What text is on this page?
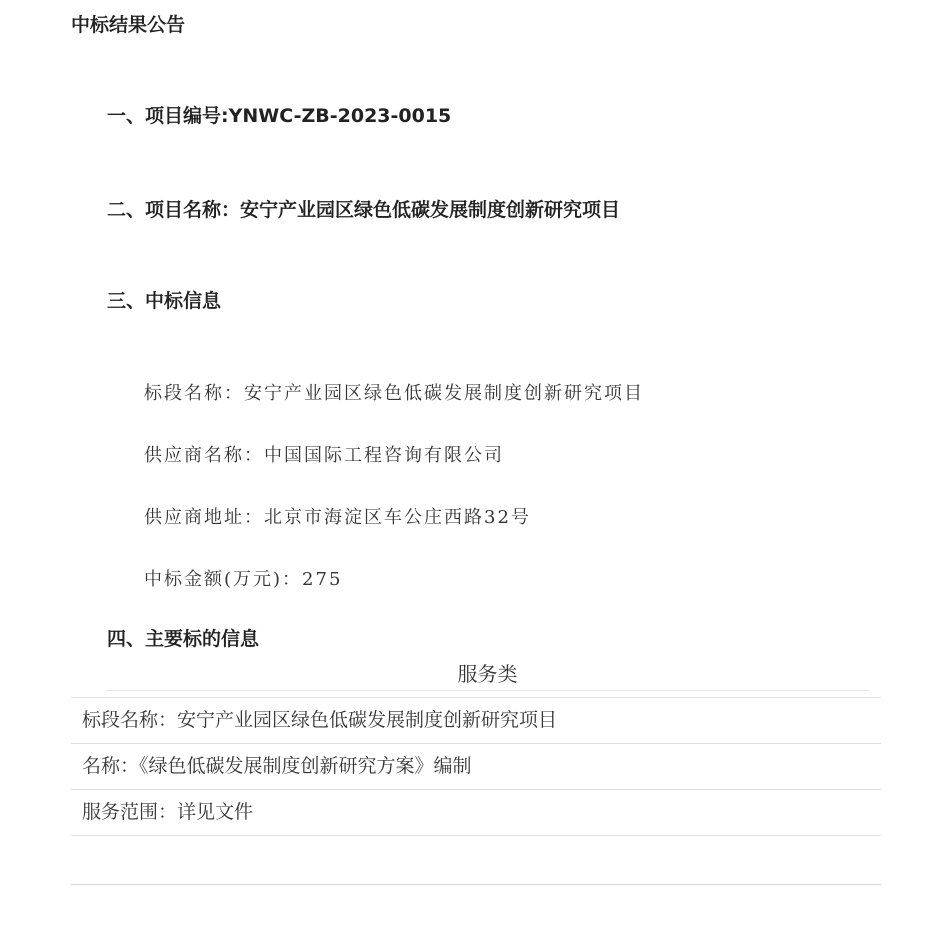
中标结果公告
一、项目编号:YNWC-ZB-2023-0015
二、项目名称：安宁产业园区绿色低碳发展制度创新研究项目
三、中标信息

标段名称：安宁产业园区绿色低碳发展制度创新研究项目

供应商名称：中国国际工程咨询有限公司

供应商地址：北京市海淀区车公庄西路32号

中标金额(万元)：275

四、主要标的信息
服务类
标段名称：安宁产业园区绿色低碳发展制度创新研究项目
名称：《绿色低碳发展制度创新研究方案》编制
服务范围：详见文件
